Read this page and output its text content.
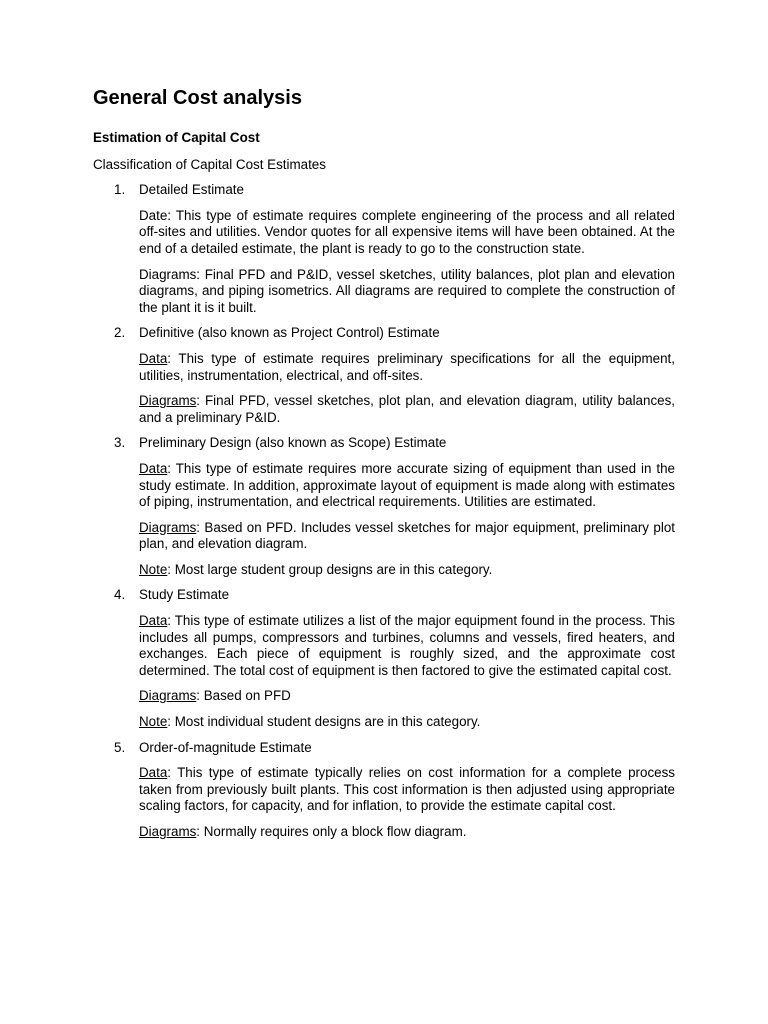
General Cost analysis
Estimation of Capital Cost
Classification of Capital Cost Estimates
1. Detailed Estimate
Date: This type of estimate requires complete engineering of the process and all related off-sites and utilities. Vendor quotes for all expensive items will have been obtained. At the end of a detailed estimate, the plant is ready to go to the construction state.
Diagrams: Final PFD and P&ID, vessel sketches, utility balances, plot plan and elevation diagrams, and piping isometrics. All diagrams are required to complete the construction of the plant it is it built.
2. Definitive (also known as Project Control) Estimate
Data: This type of estimate requires preliminary specifications for all the equipment, utilities, instrumentation, electrical, and off-sites.
Diagrams: Final PFD, vessel sketches, plot plan, and elevation diagram, utility balances, and a preliminary P&ID.
3. Preliminary Design (also known as Scope) Estimate
Data: This type of estimate requires more accurate sizing of equipment than used in the study estimate. In addition, approximate layout of equipment is made along with estimates of piping, instrumentation, and electrical requirements. Utilities are estimated.
Diagrams: Based on PFD. Includes vessel sketches for major equipment, preliminary plot plan, and elevation diagram.
Note: Most large student group designs are in this category.
4. Study Estimate
Data: This type of estimate utilizes a list of the major equipment found in the process. This includes all pumps, compressors and turbines, columns and vessels, fired heaters, and exchanges. Each piece of equipment is roughly sized, and the approximate cost determined. The total cost of equipment is then factored to give the estimated capital cost.
Diagrams: Based on PFD
Note: Most individual student designs are in this category.
5. Order-of-magnitude Estimate
Data: This type of estimate typically relies on cost information for a complete process taken from previously built plants. This cost information is then adjusted using appropriate scaling factors, for capacity, and for inflation, to provide the estimate capital cost.
Diagrams: Normally requires only a block flow diagram.
